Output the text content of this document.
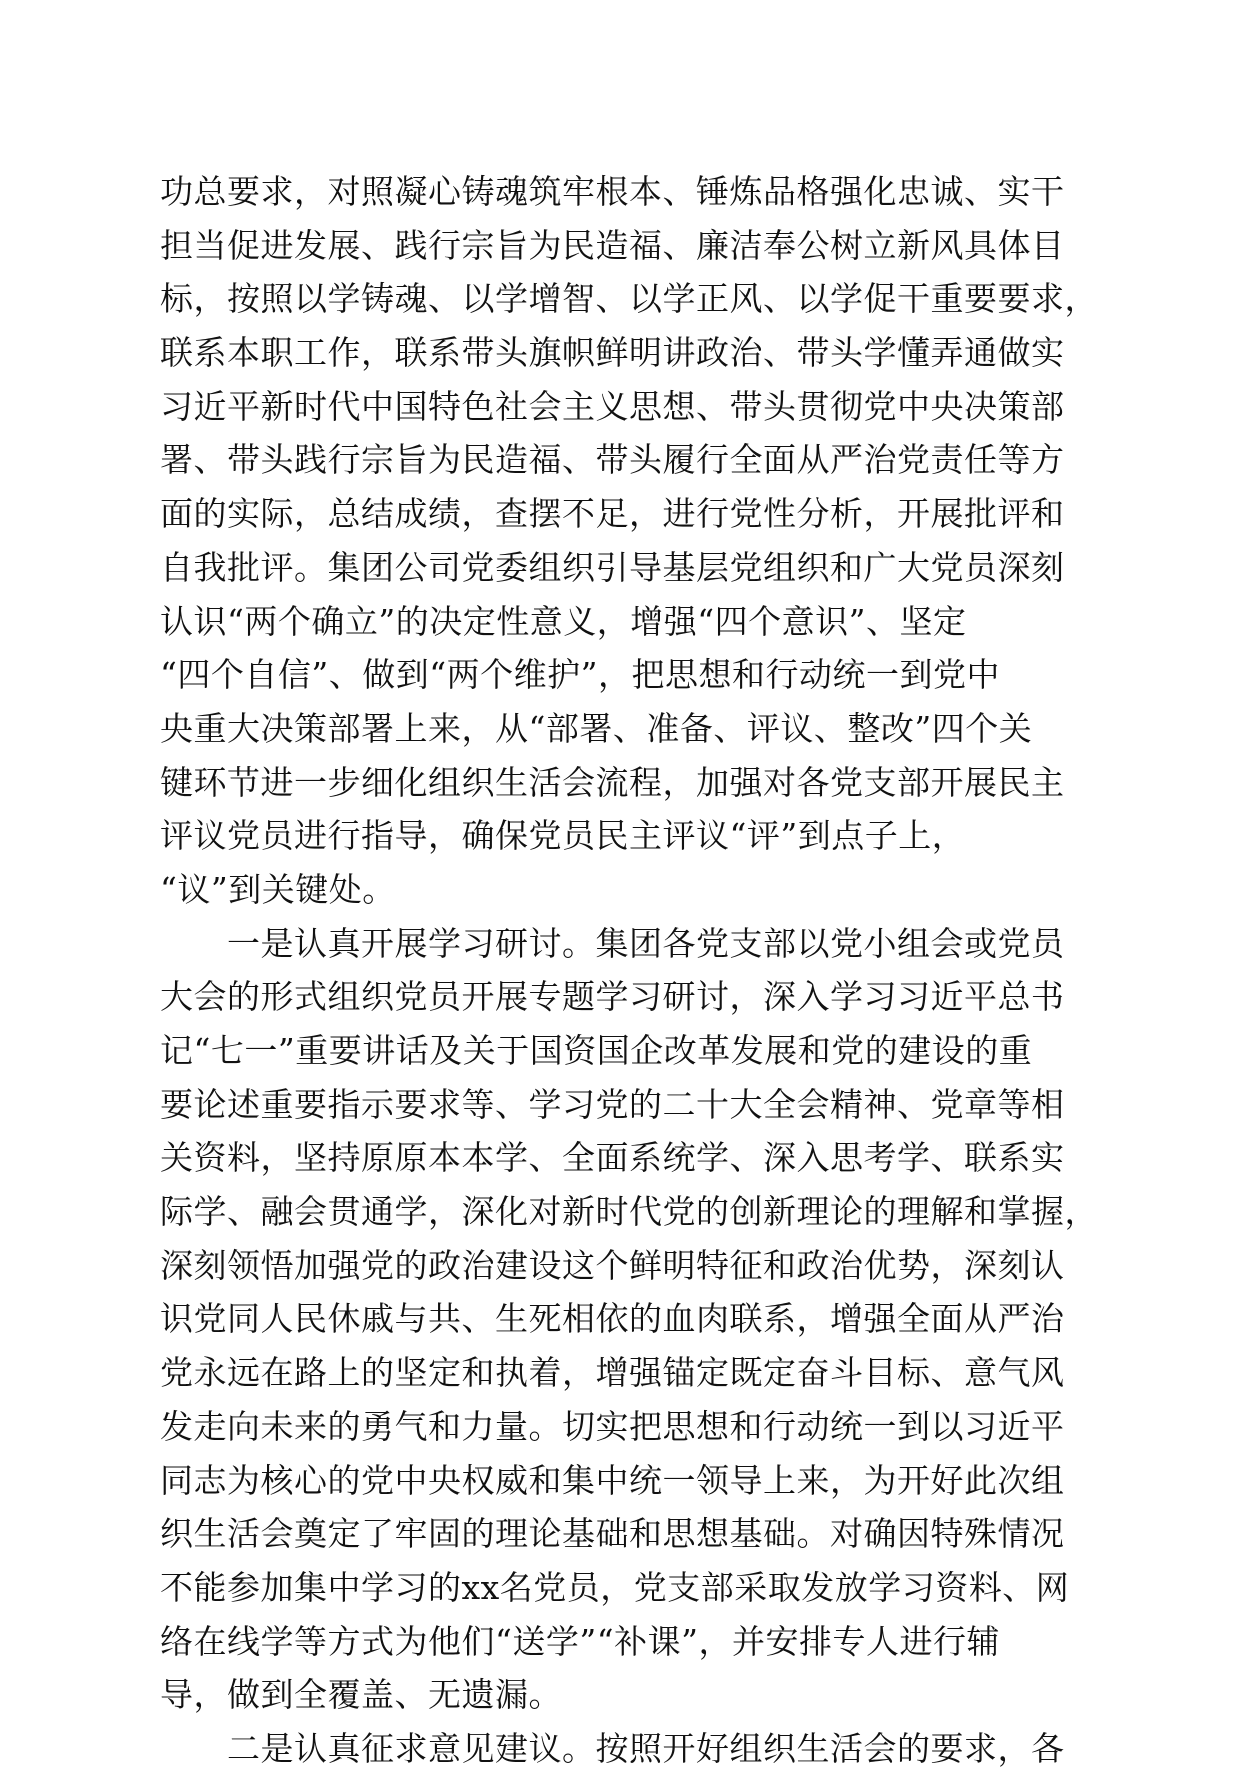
功总要求，对照凝心铸魂筑牢根本、锤炼品格强化忠诚、实干
担当促进发展、践行宗旨为民造福、廉洁奉公树立新风具体目
标，按照以学铸魂、以学增智、以学正风、以学促干重要要求，
联系本职工作，联系带头旗帜鲜明讲政治、带头学懂弄通做实
习近平新时代中国特色社会主义思想、带头贯彻党中央决策部
署、带头践行宗旨为民造福、带头履行全面从严治党责任等方
面的实际，总结成绩，查摆不足，进行党性分析，开展批评和
自我批评。集团公司党委组织引导基层党组织和广大党员深刻
认识“两个确立”的决定性意义，增强“四个意识”、坚定
“四个自信”、做到“两个维护”，把思想和行动统一到党中
央重大决策部署上来，从“部署、准备、评议、整改”四个关
键环节进一步细化组织生活会流程，加强对各党支部开展民主
评议党员进行指导，确保党员民主评议“评”到点子上，
“议”到关键处。
　　一是认真开展学习研讨。集团各党支部以党小组会或党员
大会的形式组织党员开展专题学习研讨，深入学习习近平总书
记“七一”重要讲话及关于国资国企改革发展和党的建设的重
要论述重要指示要求等、学习党的二十大全会精神、党章等相
关资料，坚持原原本本学、全面系统学、深入思考学、联系实
际学、融会贯通学，深化对新时代党的创新理论的理解和掌握，
深刻领悟加强党的政治建设这个鲜明特征和政治优势，深刻认
识党同人民休戚与共、生死相依的血肉联系，增强全面从严治
党永远在路上的坚定和执着，增强锚定既定奋斗目标、意气风
发走向未来的勇气和力量。切实把思想和行动统一到以习近平
同志为核心的党中央权威和集中统一领导上来，为开好此次组
织生活会奠定了牢固的理论基础和思想基础。对确因特殊情况
不能参加集中学习的xx名党员，党支部采取发放学习资料、网
络在线学等方式为他们“送学”“补课”，并安排专人进行辅
导，做到全覆盖、无遗漏。
　　二是认真征求意见建议。按照开好组织生活会的要求，各
